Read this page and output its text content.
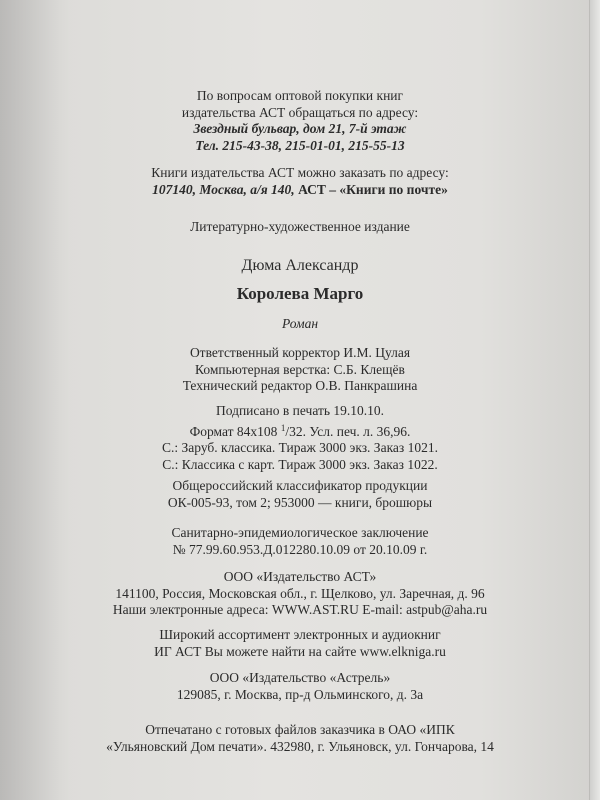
По вопросам оптовой покупки книг
издательства АСТ обращаться по адресу:
Звездный бульвар, дом 21, 7-й этаж
Тел. 215-43-38, 215-01-01, 215-55-13
Книги издательства АСТ можно заказать по адресу:
107140, Москва, а/я 140, АСТ – «Книги по почте»
Литературно-художественное издание
Дюма Александр
Королева Марго
Роман
Ответственный корректор И.М. Цулая
Компьютерная верстка: С.Б. Клещёв
Технический редактор О.В. Панкрашина
Подписано в печать 19.10.10.
Формат 84х108 $^1$/32. Усл. печ. л. 36,96.
С.: Заруб. классика. Тираж 3000 экз. Заказ 1021.
С.: Классика с карт. Тираж 3000 экз. Заказ 1022.
Общероссийский классификатор продукции
ОК-005-93, том 2; 953000 — книги, брошюры
Санитарно-эпидемиологическое заключение
№ 77.99.60.953.Д.012280.10.09 от 20.10.09 г.
ООО «Издательство АСТ»
141100, Россия, Московская обл., г. Щелково, ул. Заречная, д. 96
Наши электронные адреса: WWW.AST.RU E-mail: astpub@aha.ru
Широкий ассортимент электронных и аудиокниг
ИГ АСТ Вы можете найти на сайте www.elkniga.ru
ООО «Издательство «Астрель»
129085, г. Москва, пр-д Ольминского, д. 3а
Отпечатано с готовых файлов заказчика в ОАО «ИПК
«Ульяновский Дом печати». 432980, г. Ульяновск, ул. Гончарова, 14
